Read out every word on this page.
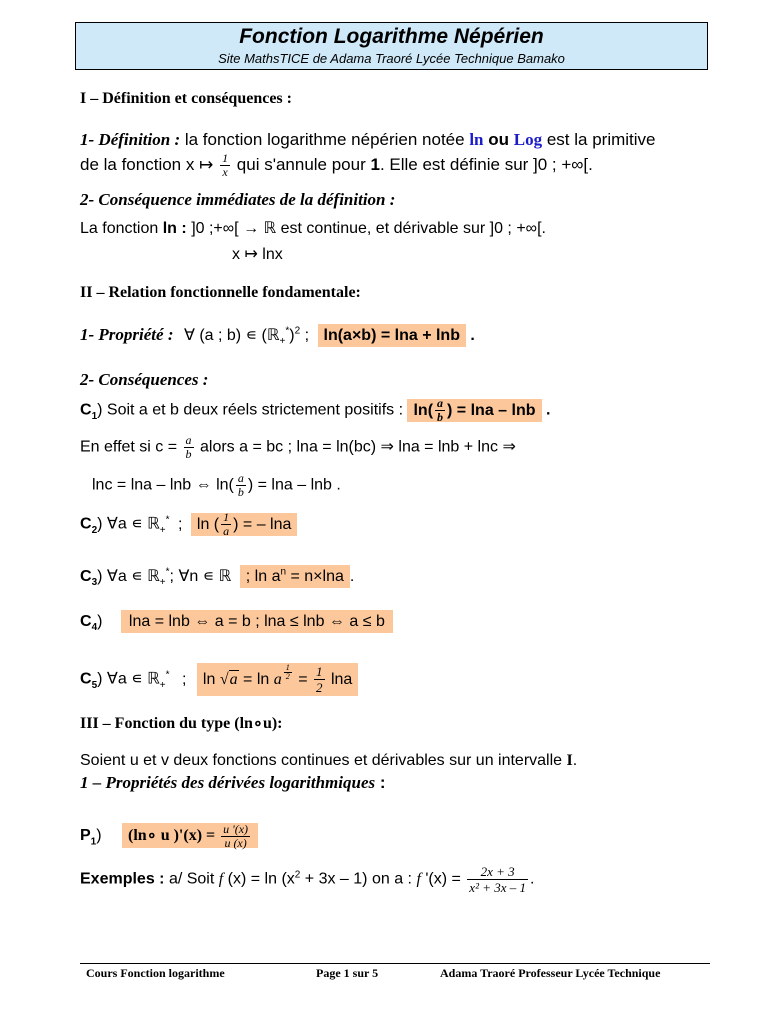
Fonction Logarithme Népérien
Site MathsTICE de Adama Traoré Lycée Technique Bamako
I – Définition et conséquences :
1- Définition : la fonction logarithme népérien notée ln ou Log est la primitive
de la fonction x ↦ $\frac{1}{x}$ qui s'annule pour 1. Elle est définie sur ]0 ; +∞[.
2- Conséquence immédiates de la définition :
La fonction ln : ]0 ;+∞[ → ℝ est continue, et dérivable sur ]0 ; +∞[.
x ↦ lnx
II – Relation fonctionnelle fondamentale:
1- Propriété : ∀ (a ; b) ∊ (ℝ$_+$*)$^2$ ; ln(a×b) = lna + lnb .
2- Conséquences :
$C_1$) Soit a et b deux réels strictement positifs : $\ln( \frac{a}{b}$ ) = lna – lnb .
En effet si $c = \frac{a}{b}$ alors a = bc ; lna = ln(bc) ⇒ lna = lnb + lnc ⇒
lnc = lna – lnb ⇔ $\ln( \frac{a}{b}$ ) = lna – lnb .
$C_2$) ∀a ∊ ℝ$_+$* ; ln ( $\frac{1}{a}$ ) = – lna
$C_3$) ∀a ∊ ℝ$_+$*; ∀n ∊ ℝ ; $\ln a^n = n\times\ln a$ .
$C_4$) lna = lnb ⇔ a = b ; lna ≤ lnb ⇔ a ≤ b
$C_5$) ∀a ∊ ℝ$_+$* ; ln √a = ln a $\frac{1}{2} = \frac{1}{2}$ lna
III – Fonction du type (ln∘u):
Soient u et v deux fonctions continues et dérivables sur un intervalle I.
1 – Propriétés des dérivées logarithmiques :
$P_1$) (ln∘ u )'$(x) = \frac{u '(x)}{u (x)}$
Exemples : a/ Soit f $(x) = \ln (x^2 + 3x - 1)$ on a : f '$(x) = \frac{2x + 3}{\text{x² + 3x – 1}}$ .
Cours Fonction logarithme	Page 1 sur 5	Adama Traoré Professeur Lycée Technique
